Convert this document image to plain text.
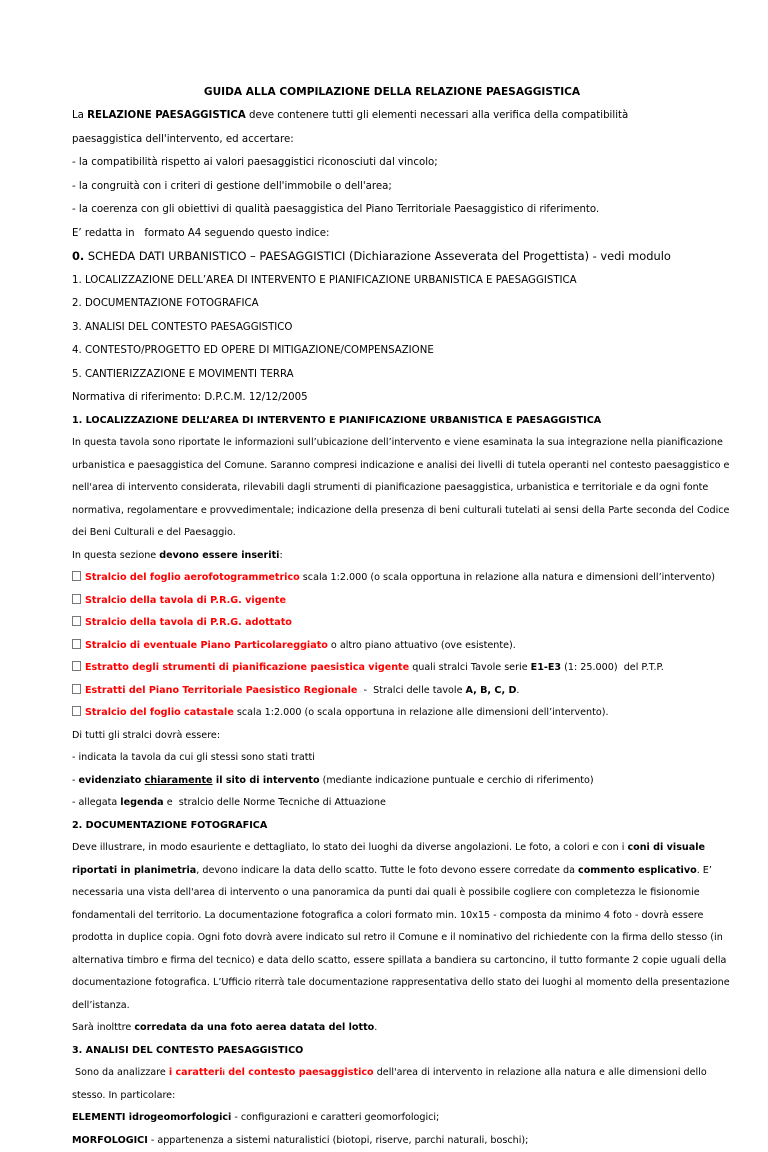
GUIDA ALLA COMPILAZIONE DELLA RELAZIONE PAESAGGISTICA
La RELAZIONE PAESAGGISTICA deve contenere tutti gli elementi necessari alla verifica della compatibilità
paesaggistica dell'intervento, ed accertare:
- la compatibilità rispetto ai valori paesaggistici riconosciuti dal vincolo;
- la congruità con i criteri di gestione dell'immobile o dell'area;
- la coerenza con gli obiettivi di qualità paesaggistica del Piano Territoriale Paesaggistico di riferimento.
E’ redatta in   formato A4 seguendo questo indice:
0. SCHEDA DATI URBANISTICO – PAESAGGISTICI (Dichiarazione Asseverata del Progettista) - vedi modulo
1. LOCALIZZAZIONE DELL’AREA DI INTERVENTO E PIANIFICAZIONE URBANISTICA E PAESAGGISTICA
2. DOCUMENTAZIONE FOTOGRAFICA
3. ANALISI DEL CONTESTO PAESAGGISTICO
4. CONTESTO/PROGETTO ED OPERE DI MITIGAZIONE/COMPENSAZIONE
5. CANTIERIZZAZIONE E MOVIMENTI TERRA
Normativa di riferimento: D.P.C.M. 12/12/2005
1. LOCALIZZAZIONE DELL’AREA DI INTERVENTO E PIANIFICAZIONE URBANISTICA E PAESAGGISTICA
In questa tavola sono riportate le informazioni sull’ubicazione dell’intervento e viene esaminata la sua integrazione nella pianificazione
urbanistica e paesaggistica del Comune. Saranno compresi indicazione e analisi dei livelli di tutela operanti nel contesto paesaggistico e
nell'area di intervento considerata, rilevabili dagli strumenti di pianificazione paesaggistica, urbanistica e territoriale e da ogni fonte
normativa, regolamentare e provvedimentale; indicazione della presenza di beni culturali tutelati ai sensi della Parte seconda del Codice
dei Beni Culturali e del Paesaggio.
In questa sezione devono essere inseriti:
Stralcio del foglio aerofotogrammetrico scala 1:2.000 (o scala opportuna in relazione alla natura e dimensioni dell’intervento)
Stralcio della tavola di P.R.G. vigente
Stralcio della tavola di P.R.G. adottato
Stralcio di eventuale Piano Particolareggiato o altro piano attuativo (ove esistente).
Estratto degli strumenti di pianificazione paesistica vigente quali stralci Tavole serie E1-E3 (1: 25.000)  del P.T.P.
Estratti del Piano Territoriale Paesistico Regionale  -  Stralci delle tavole A, B, C, D.
Stralcio del foglio catastale scala 1:2.000 (o scala opportuna in relazione alle dimensioni dell’intervento).
Di tutti gli stralci dovrà essere:
- indicata la tavola da cui gli stessi sono stati tratti
- evidenziato chiaramente il sito di intervento (mediante indicazione puntuale e cerchio di riferimento)
- allegata legenda e  stralcio delle Norme Tecniche di Attuazione
2. DOCUMENTAZIONE FOTOGRAFICA
Deve illustrare, in modo esauriente e dettagliato, lo stato dei luoghi da diverse angolazioni. Le foto, a colori e con i coni di visuale
riportati in planimetria, devono indicare la data dello scatto. Tutte le foto devono essere corredate da commento esplicativo. E’
necessaria una vista dell'area di intervento o una panoramica da punti dai quali è possibile cogliere con completezza le fisionomie
fondamentali del territorio. La documentazione fotografica a colori formato min. 10x15 - composta da minimo 4 foto - dovrà essere
prodotta in duplice copia. Ogni foto dovrà avere indicato sul retro il Comune e il nominativo del richiedente con la firma dello stesso (in
alternativa timbro e firma del tecnico) e data dello scatto, essere spillata a bandiera su cartoncino, il tutto formante 2 copie uguali della
documentazione fotografica. L’Ufficio riterrà tale documentazione rappresentativa dello stato dei luoghi al momento della presentazione
dell’istanza.
Sarà inolttre corredata da una foto aerea datata del lotto.
3. ANALISI DEL CONTESTO PAESAGGISTICO
Sono da analizzare i caratterii del contesto paesaggistico dell'area di intervento in relazione alla natura e alle dimensioni dello
stesso. In particolare:
ELEMENTI idrogeomorfologici - configurazioni e caratteri geomorfologici;
MORFOLOGICI - appartenenza a sistemi naturalistici (biotopi, riserve, parchi naturali, boschi);
